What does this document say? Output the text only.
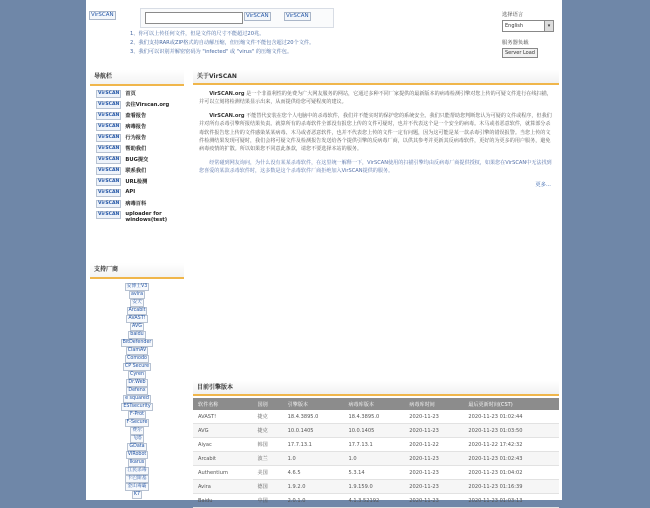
VirSCAN	VirSCAN	VirSCAN
1、你可以上传任何文件，但是文件的尺寸不能超过20兆。
2、我们支持RAR或ZIP格式的自动解压缩，但压缩文件不能包含超过20个文件。
3、我们可以识别并解密密码为 "infected" 或 "virus" 的压缩文件包。
选择语言
English	▾
服务器负载
Server Load
导航栏
VirSCAN	首页
VirSCAN	去往Virscan.org
VirSCAN	查看报告
VirSCAN	病毒报告
VirSCAN	行为报告
VirSCAN	帮助我们
VirSCAN	BUG提交
VirSCAN	联系我们
VirSCAN	URL检测
VirSCAN	API
VirSCAN	病毒百科
VirSCAN	uploader for windows(test)
支持厂商
安博士V3
avira
安天
Arcabit
AVAST!
AVG
baidu
BitDefender
ClamAV
Comodo
CP Secure
Cyren
Dr.Web
Defenx
e squared
ESTsecurity
F-Prot
F-Secure
费尔
飞塔
GData
VIRobot
Ikarus
江民杀毒
卡巴斯基
金山毒霸
K7
关于VirSCAN

VirSCAN.org 是一个非盈利性的免费为广大网友服务的网站，它通过多种不同厂家提供的最新版本的病毒检测引擎对您上传的可疑文件进行在线扫描，并可以立刻将检测结果显示出来，从而提供给您可疑程度的建议。

VirSCAN.org 不能替代安装在您个人电脑中的杀毒软件，我们并不能实时的保护您的系统安全。我们只能帮助您判断您认为可疑的文件或程序，但我们并对所有杀毒引擎所报结果负责。就算所有的杀毒软件全部没有报您上传的文件可疑时，也并不代表这个是一个安全的病毒。木马或者恶意软件，就算部分杀毒软件报告您上传的文件感染某某病毒、木马或者恶意软件，也并不代表您上传的文件一定有问题，因为这可能是某一款杀毒引擎的错误报警。当您上传的文件检测结果发现可疑时，我们会将可疑文件及检测报告发送给各个提供引擎的反病毒厂商，以供其参考并更新其反病毒软件，更好的为更多的用户服务，避免病毒疫情的扩散。所以如果您不同意此条款，请您不要选择本站的服务。

经常碰到网友询问，为什么没有某某杀毒软件，在这里统一解释一下，VirSCAN使用的扫描引擎均由反病毒厂商提供授权，如果您在VirSCAN中无法找到您喜爱的某款杀毒软件时，这多数是这个杀毒软件厂商拒绝加入VirSCAN提供的服务。

更多...
目前引擎版本
软件名称	国别	引擎版本	病毒库版本	病毒库时间	最后更新时间(CST)
AVAST!	捷克	18.4.3895.0	18.4.3895.0	2020-11-23	2020-11-23 01:02:44
AVG	捷克	10.0.1405	10.0.1405	2020-11-23	2020-11-23 01:03:50
Aiyac	韩国	17.7.13.1	17.7.13.1	2020-11-22	2020-11-22 17:42:32
Arcabit	波兰	1.0	1.0	2020-11-23	2020-11-23 01:02:43
Authentium	美国	4.6.5	5.3.14	2020-11-23	2020-11-23 01:04:02
Avira	德国	1.9.2.0	1.9.159.0	2020-11-23	2020-11-23 01:16:39
Baidu	中国	2.0.1.0	4.1.3.52192	2020-11-23	2020-11-23 01:03:13
